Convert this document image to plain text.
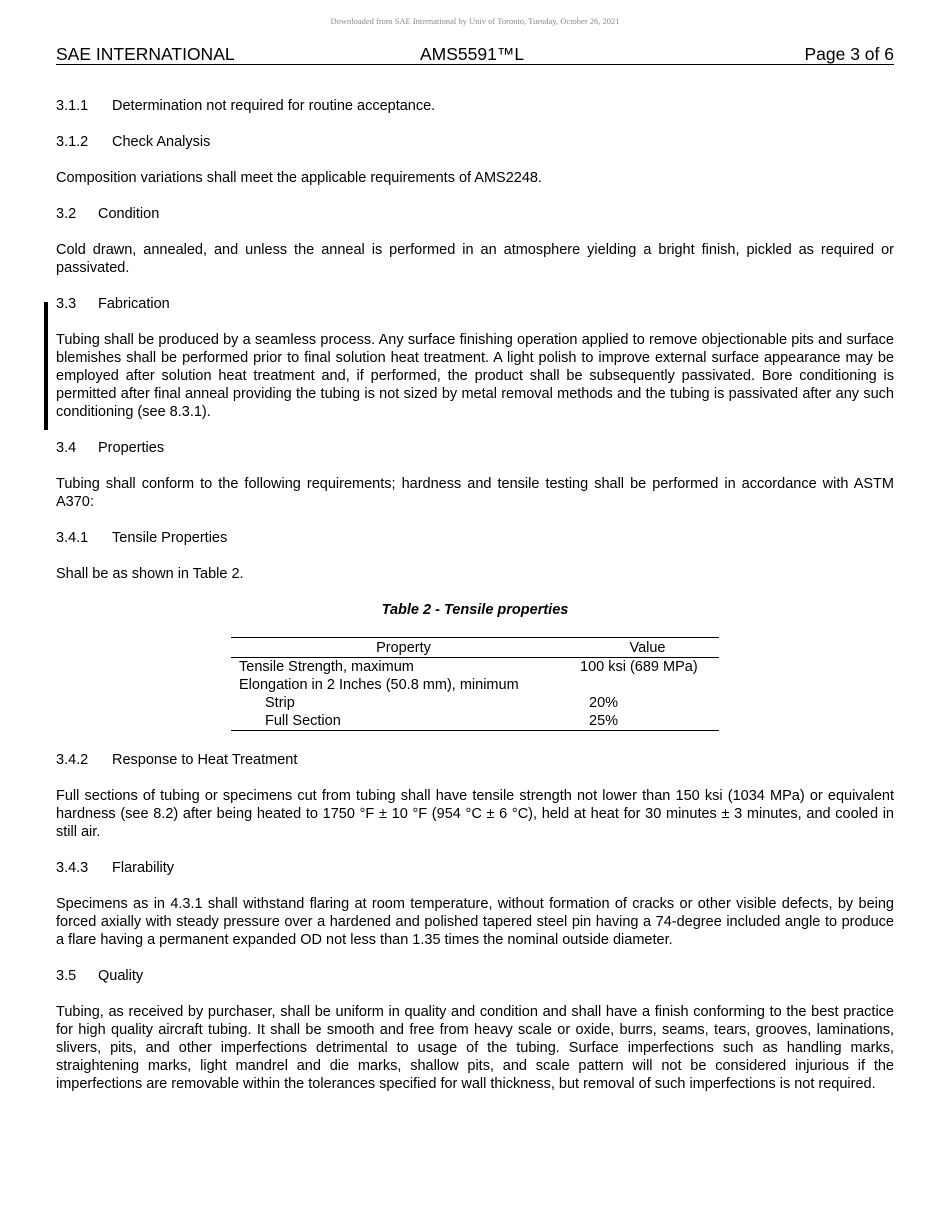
Downloaded from SAE International by Univ of Toronto, Tuesday, October 26, 2021
SAE INTERNATIONAL	AMS5591™L	Page 3 of 6
3.1.1 Determination not required for routine acceptance.
3.1.2 Check Analysis

Composition variations shall meet the applicable requirements of AMS2248.

3.2 Condition

Cold drawn, annealed, and unless the anneal is performed in an atmosphere yielding a bright finish, pickled as required or passivated.

3.3 Fabrication

Tubing shall be produced by a seamless process. Any surface finishing operation applied to remove objectionable pits and surface blemishes shall be performed prior to final solution heat treatment. A light polish to improve external surface appearance may be employed after solution heat treatment and, if performed, the product shall be subsequently passivated. Bore conditioning is permitted after final anneal providing the tubing is not sized by metal removal methods and the tubing is passivated after any such conditioning (see 8.3.1).

3.4 Properties

Tubing shall conform to the following requirements; hardness and tensile testing shall be performed in accordance with ASTM A370:

3.4.1 Tensile Properties

Shall be as shown in Table 2.

Table 2 - Tensile properties
Property	Value
Tensile Strength, maximum	100 ksi (689 MPa)
Elongation in 2 Inches (50.8 mm), minimum	
Strip	20%
Full Section	25%
3.4.2 Response to Heat Treatment

Full sections of tubing or specimens cut from tubing shall have tensile strength not lower than 150 ksi (1034 MPa) or equivalent hardness (see 8.2) after being heated to 1750 °F ± 10 °F (954 °C ± 6 °C), held at heat for 30 minutes ± 3 minutes, and cooled in still air.

3.4.3 Flarability

Specimens as in 4.3.1 shall withstand flaring at room temperature, without formation of cracks or other visible defects, by being forced axially with steady pressure over a hardened and polished tapered steel pin having a 74-degree included angle to produce a flare having a permanent expanded OD not less than 1.35 times the nominal outside diameter.

3.5 Quality

Tubing, as received by purchaser, shall be uniform in quality and condition and shall have a finish conforming to the best practice for high quality aircraft tubing. It shall be smooth and free from heavy scale or oxide, burrs, seams, tears, grooves, laminations, slivers, pits, and other imperfections detrimental to usage of the tubing. Surface imperfections such as handling marks, straightening marks, light mandrel and die marks, shallow pits, and scale pattern will not be considered injurious if the imperfections are removable within the tolerances specified for wall thickness, but removal of such imperfections is not required.
